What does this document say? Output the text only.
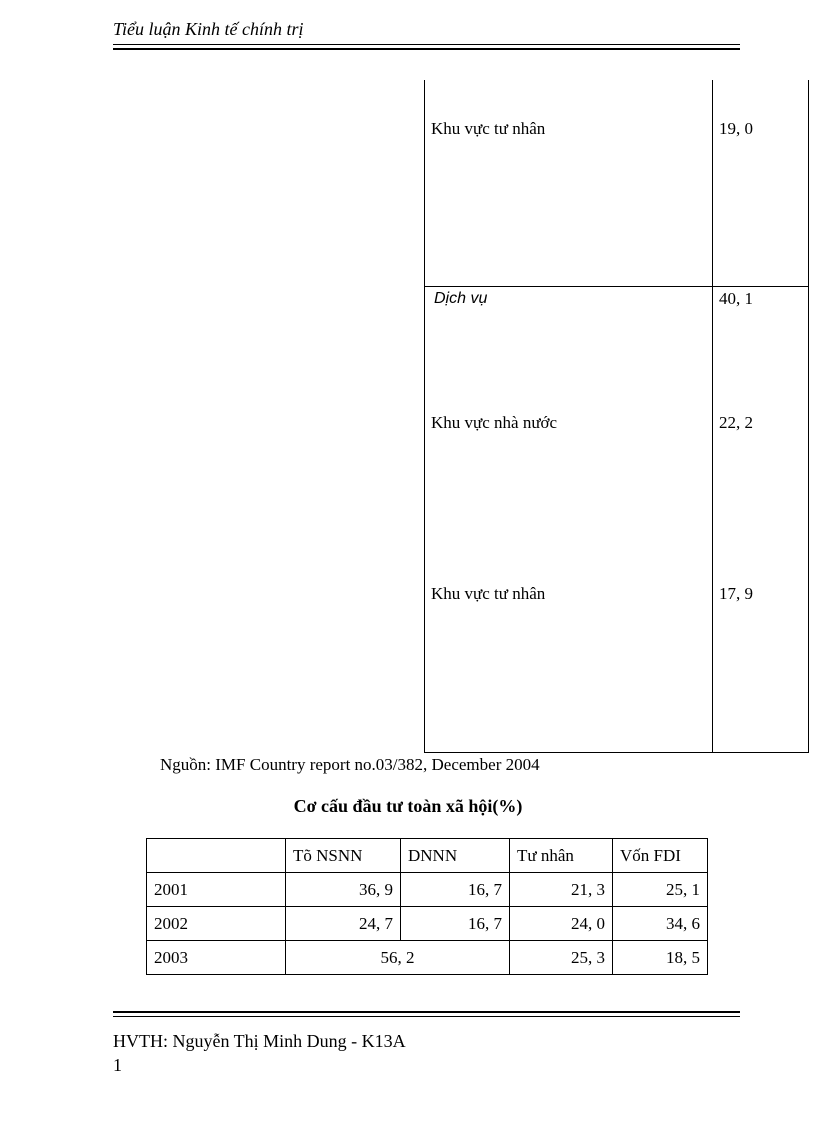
Tiểu luận Kinh tế chính trị
Khu vực tư nhân	19, 0
Dịch vụ	40, 1
Khu vực nhà nước	22, 2
Khu vực tư nhân	17, 9
Nguồn: IMF Country report no.03/382, December 2004
Cơ cấu đầu tư toàn xã hội(%)
	Tõ NSNN	DNNN	Tư nhân	Vốn FDI
2001	36, 9	16, 7	21, 3	25, 1
2002	24, 7	16, 7	24, 0	34, 6
2003	56, 2		25, 3	18, 5
HVTH: Nguyễn Thị Minh Dung - K13A
1
